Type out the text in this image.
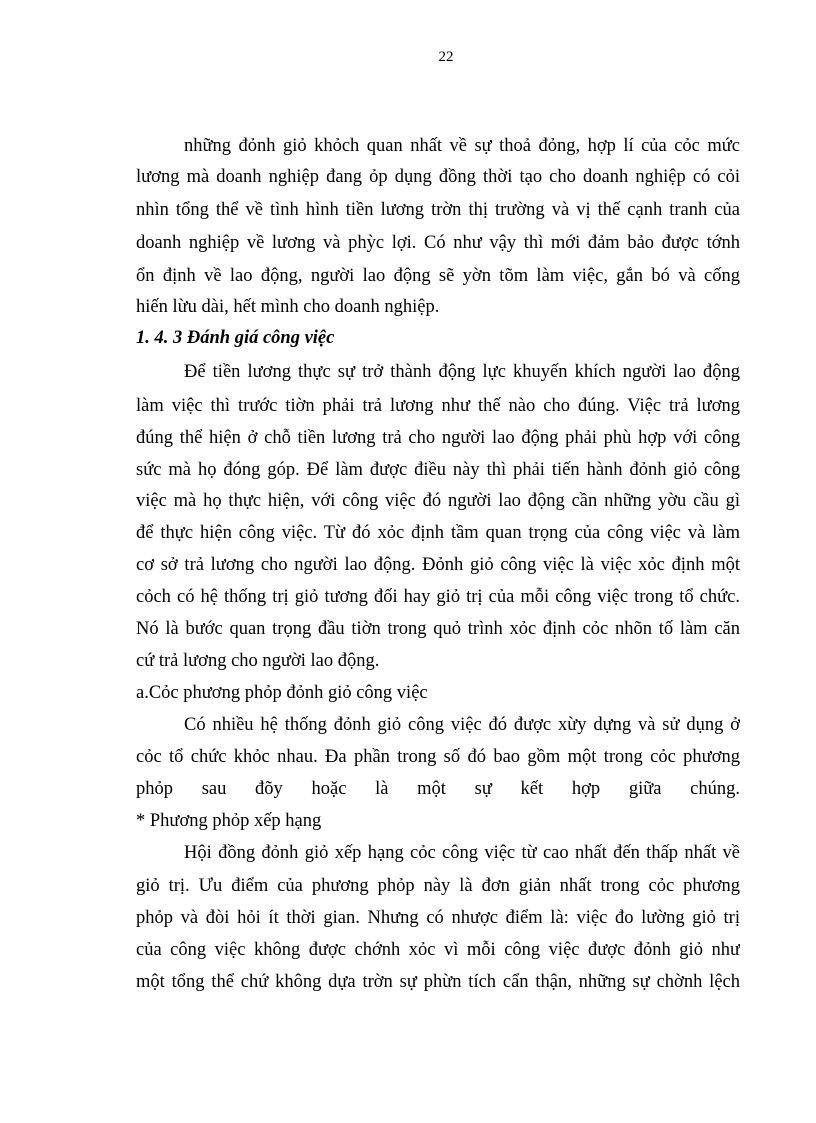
22
những đỏnh giỏ khỏch quan nhất về sự thoả đỏng, hợp lí của cỏc mức
lương mà doanh nghiệp đang ỏp dụng đồng thời tạo cho doanh nghiệp có cỏi
nhìn tổng thể về tình hình tiền lương trờn thị trường và vị thế cạnh tranh của
doanh nghiệp về lương và phỳc lợi. Có như vậy thì mới đảm bảo được tớnh
ổn định về lao động, người lao động sẽ yờn tõm làm việc, gắn bó và cống
hiến lừu dài, hết mình cho doanh nghiệp.
1. 4. 3 Đánh giá công việc
Để tiền lương thực sự trở thành động lực khuyến khích người lao động
làm việc thì trước tiờn phải trả lương như thế nào cho đúng. Việc trả lương
đúng thể hiện ở chỗ tiền lương trả cho người lao động phải phù hợp với công
sức mà họ đóng góp. Để làm được điều này thì phải tiến hành đỏnh giỏ công
việc mà họ thực hiện, với công việc đó người lao động cần những yờu cầu gì
để thực hiện công việc. Từ đó xỏc định tầm quan trọng của công việc và làm
cơ sở trả lương cho người lao động. Đỏnh giỏ công việc là việc xỏc định một
cỏch có hệ thống trị giỏ tương đối hay giỏ trị của mỗi công việc trong tổ chức.
Nó là bước quan trọng đầu tiờn trong quỏ trình xỏc định cỏc nhõn tố làm căn
cứ trả lương cho người lao động.
a.Cỏc phương phỏp đỏnh giỏ công việc
Có nhiều hệ thống đỏnh giỏ công việc đó được xừy dựng và sử dụng ở
cỏc tổ chức khỏc nhau. Đa phần trong số đó bao gồm một trong cỏc phương
phỏp sau đõy hoặc là một sự kết hợp giữa chúng.
* Phương phỏp xếp hạng
Hội đồng đỏnh giỏ xếp hạng cỏc công việc từ cao nhất đến thấp nhất về
giỏ trị. Ưu điểm của phương phỏp này là đơn giản nhất trong cỏc phương
phỏp và đòi hỏi ít thời gian. Nhưng có nhược điểm là: việc đo lường giỏ trị
của công việc không được chớnh xỏc vì mỗi công việc được đỏnh giỏ như
một tổng thể chứ không dựa trờn sự phừn tích cẩn thận, những sự chờnh lệch
